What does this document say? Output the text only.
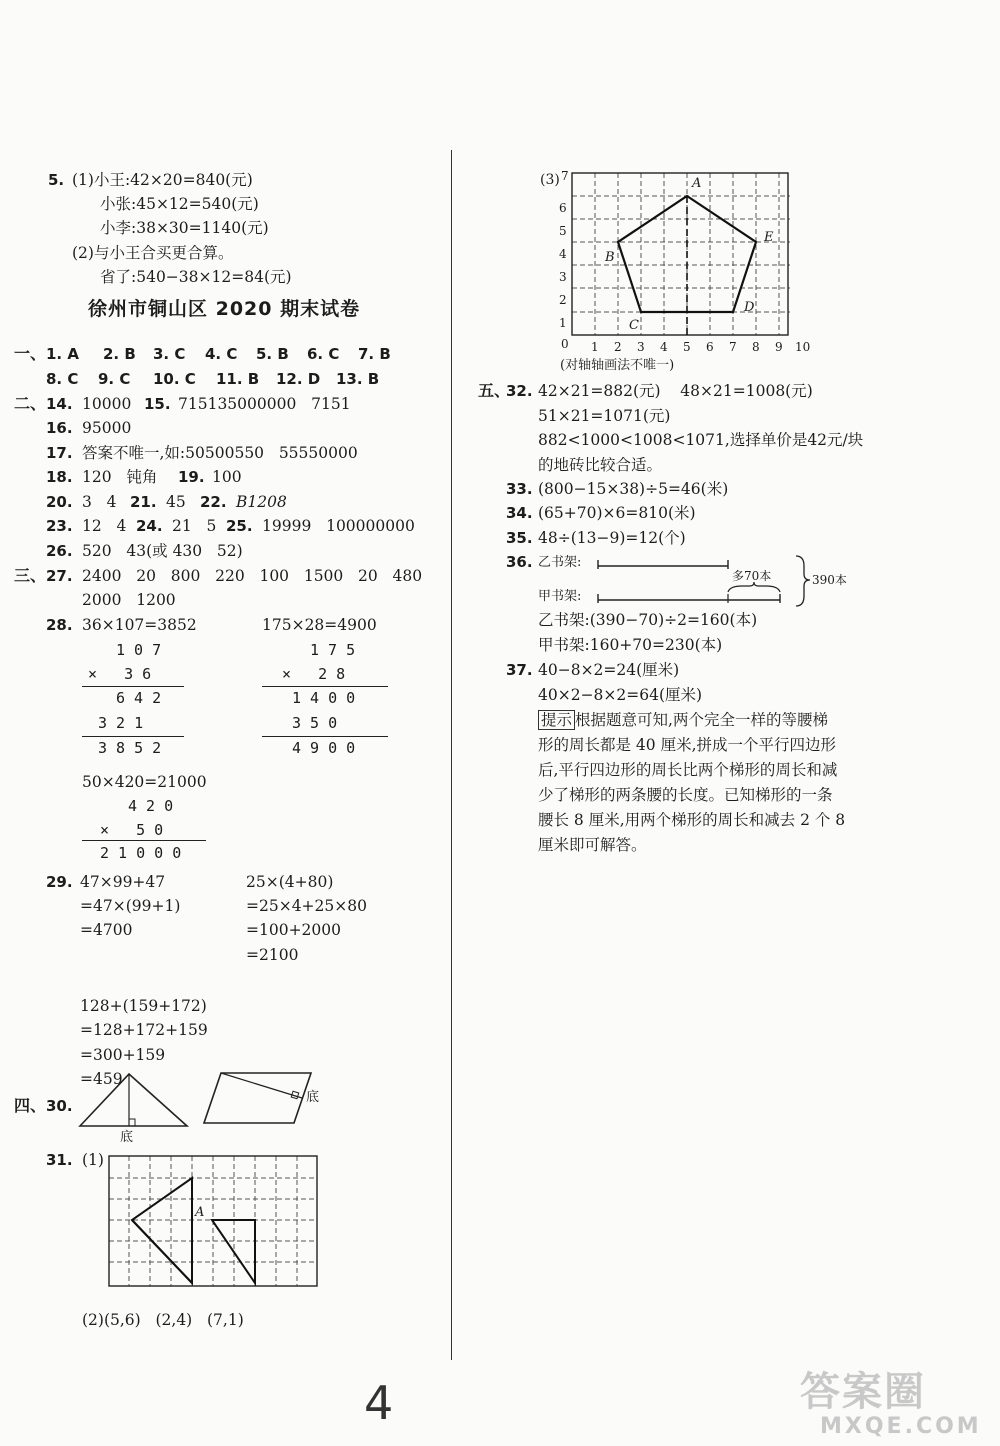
5. (1)小王:42×20=840(元)
小张:45×12=540(元)
小李:38×30=1140(元)
(2)与小王合买更合算。
省了:540−38×12=84(元)
徐州市铜山区 2020 期末试卷
一、 1. A 2. B 3. C 4. C 5. B 6. C 7. B
8. C 9. C 10. C 11. B 12. D 13. B
二、 14. 10000 15. 715135000000   7151
16. 95000
17. 答案不唯一,如:50500550   55550000
18. 120   钝角 19. 100
20. 3   4 21. 45 22. B1208
23. 12   4 24. 21   5 25. 19999   100000000
26. 520   43(或 430   52)
三、 27. 2400   20   800   220   100   1500   20   480
2000   1200
28. 36×107=3852	175×28=4900
1 0 7
×   3 6
6 4 2
3 2 1
3 8 5 2
1 7 5
×   2 8
1 4 0 0
3 5 0
4 9 0 0
50×420=21000
4 2 0
×   5 0
2 1 0 0 0
29. 47×99+47
=47×(99+1)
=4700
25×(4+80)
=25×4+25×80
=100+2000
=2100
128+(159+172)
=128+172+159
=300+159
=459
四、 30.
底
底
31. (1)
A
(2)(5,6)   (2,4)   (7,1)
(3)
1
2
3
4
5
6
7
0 1 2 3 4 5 6 7 8 9 10
A
B
C
D
E
(对轴轴画法不唯一)
五、
32. 42×21=882(元)    48×21=1008(元)
51×21=1071(元)
882<1000<1008<1071,选择单价是42元/块
的地砖比较合适。
33. (800−15×38)÷5=46(米)
34. (65+70)×6=810(米)
35. 48÷(13−9)=12(个)
36. 乙书架:
甲书架:
多70本	390本
乙书架:(390−70)÷2=160(本)
甲书架:160+70=230(本)
37. 40−8×2=24(厘米)
40×2−8×2=64(厘米)
提示 根据题意可知,两个完全一样的等腰梯
形的周长都是 40 厘米,拼成一个平行四边形
后,平行四边形的周长比两个梯形的周长和减
少了梯形的两条腰的长度。已知梯形的一条
腰长 8 厘米,用两个梯形的周长和减去 2 个 8
厘米即可解答。
4	答案圈
MXQE.COM
